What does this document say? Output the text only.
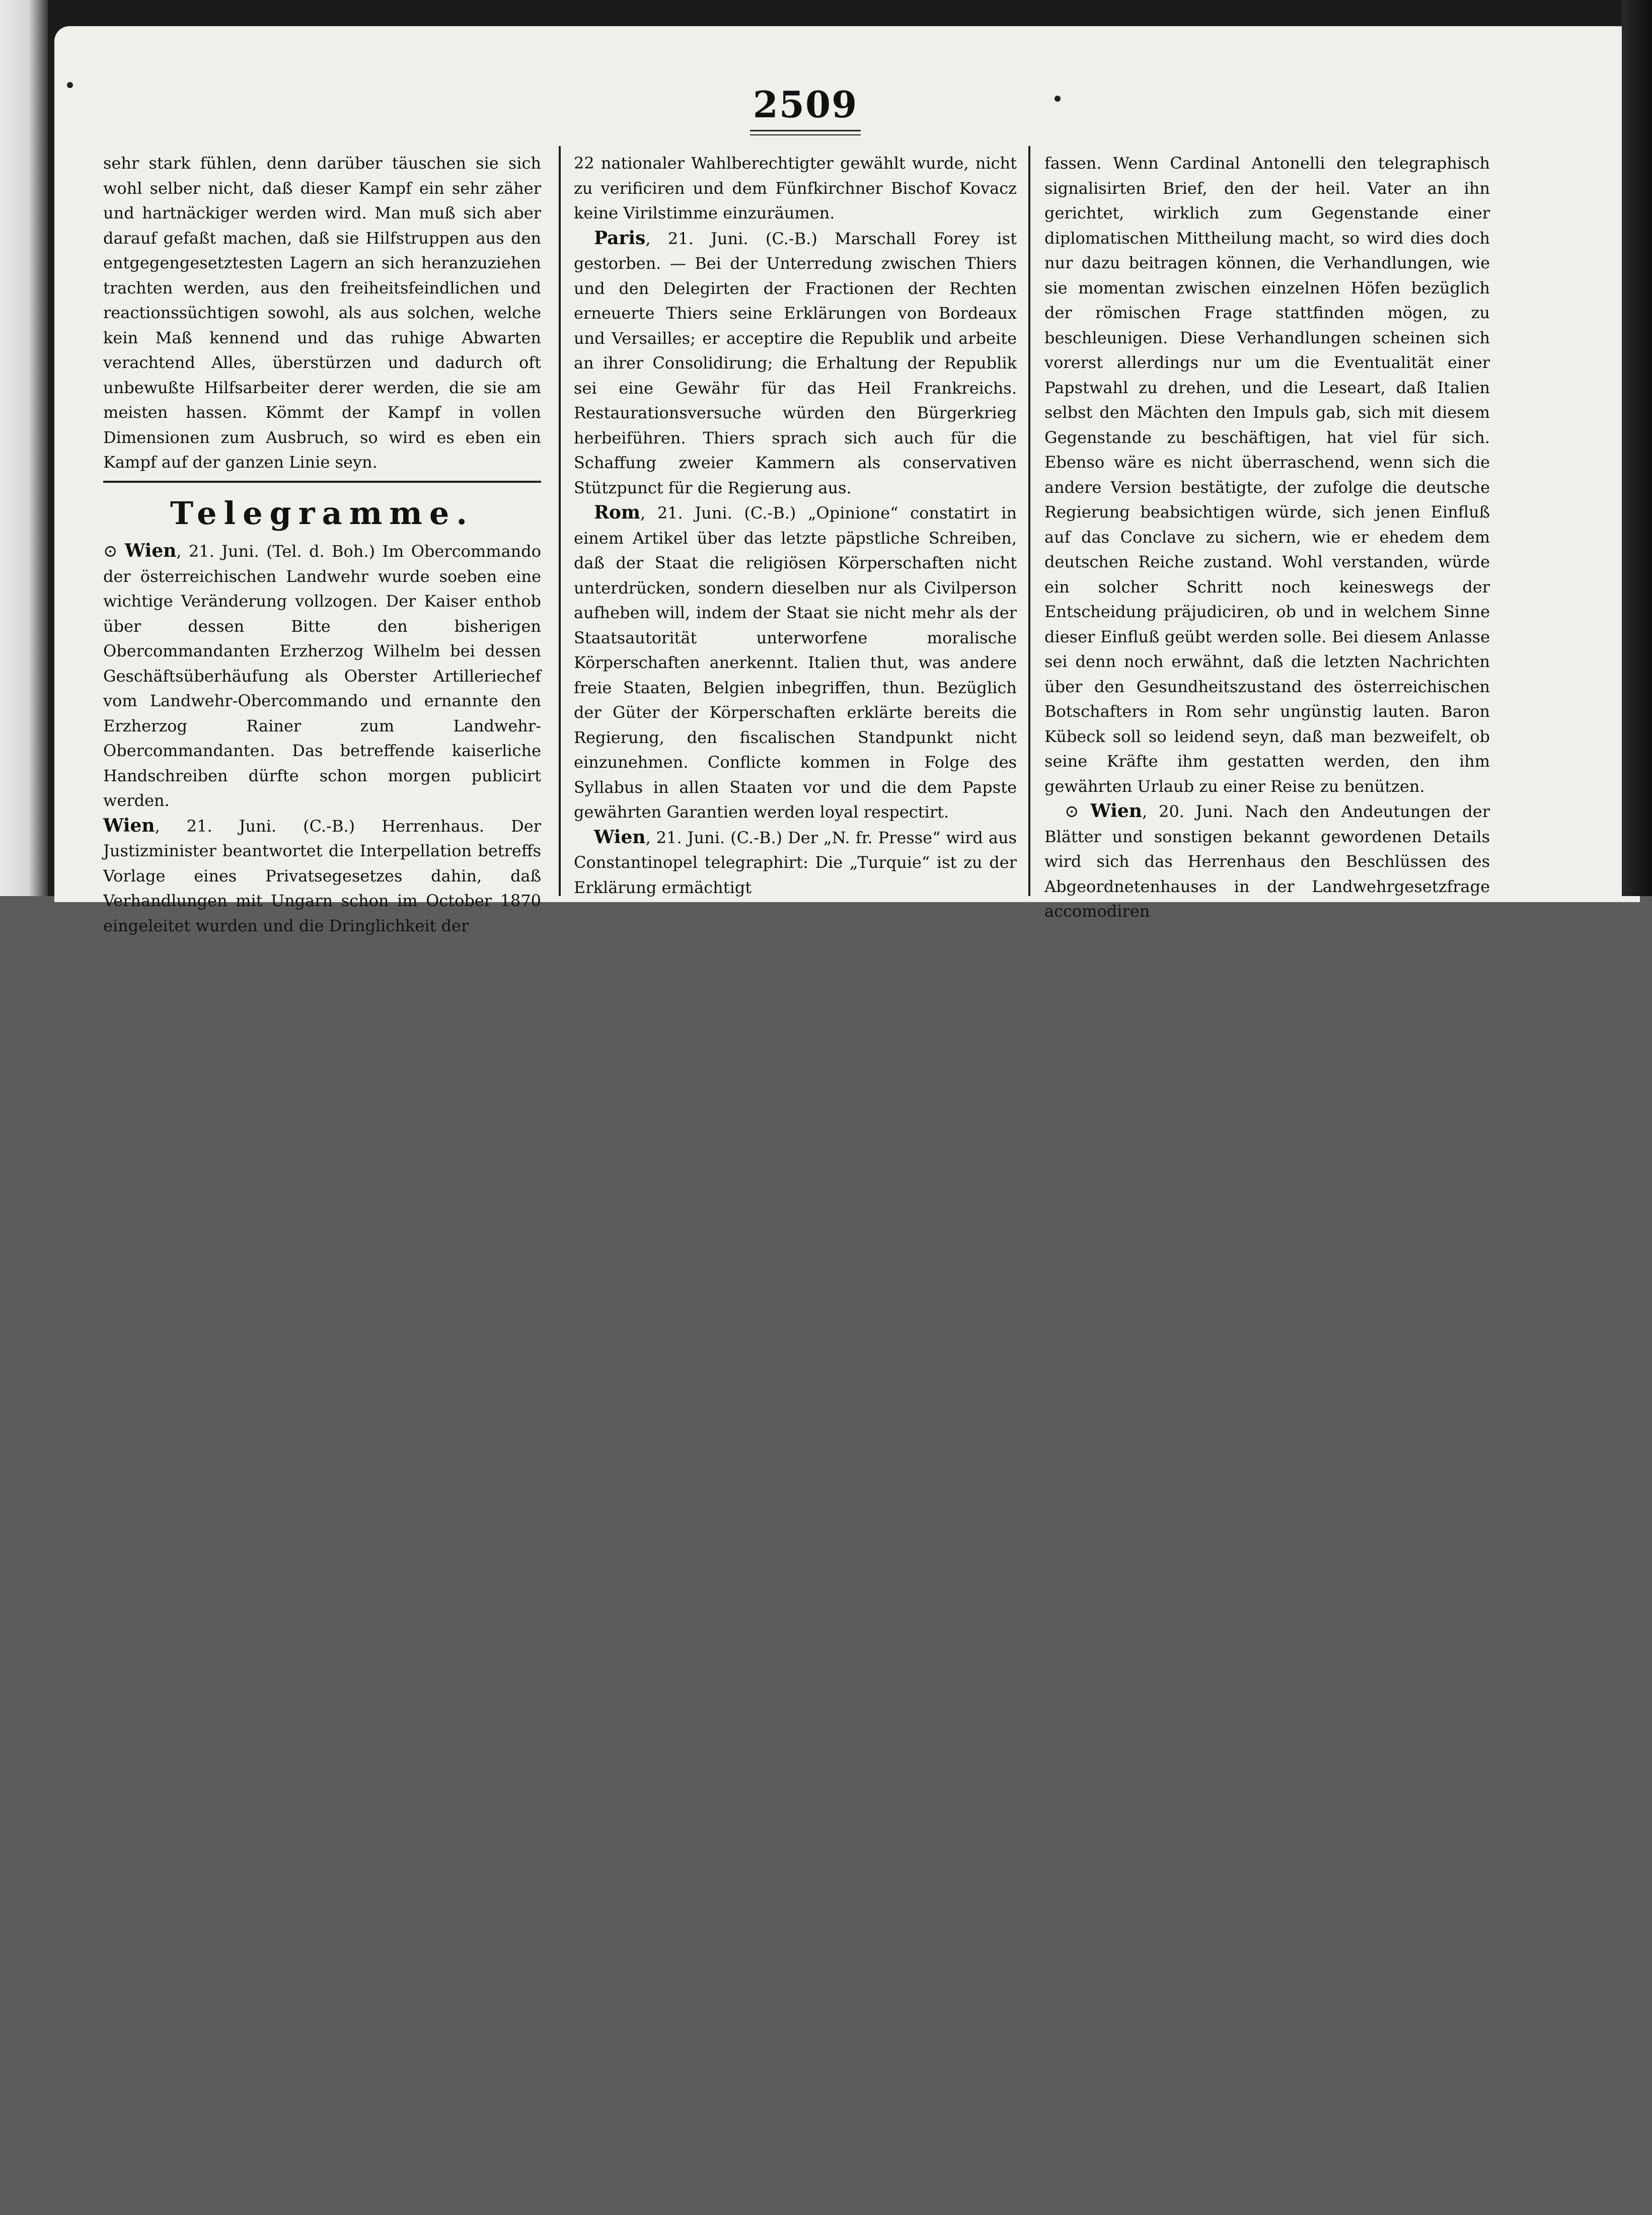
2509

sehr stark fühlen, denn darüber täuschen sie sich wohl selber nicht, daß dieser Kampf ein sehr zäher und hartnäckiger werden wird. Man muß sich aber darauf gefaßt machen, daß sie Hilfstruppen aus den entgegengesetztesten Lagern an sich heranzuziehen trachten werden, aus den freiheitsfeindlichen und reactionssüchtigen sowohl, als aus solchen, welche kein Maß kennend und das ruhige Abwarten verachtend Alles, überstürzen und dadurch oft unbewußte Hilfsarbeiter derer werden, die sie am meisten hassen. Kömmt der Kampf in vollen Dimensionen zum Ausbruch, so wird es eben ein Kampf auf der ganzen Linie seyn.

Telegramme.

⊙ Wien, 21. Juni. (Tel. d. Boh.) Im Obercommando der österreichischen Landwehr wurde soeben eine wichtige Veränderung vollzogen. Der Kaiser enthob über dessen Bitte den bisherigen Obercommandanten Erzherzog Wilhelm bei dessen Geschäftsüberhäufung als Oberster Artilleriechef vom Landwehr-Obercommando und ernannte den Erzherzog Rainer zum Landwehr-Obercommandanten. Das betreffende kaiserliche Handschreiben dürfte schon morgen publicirt werden.

Wien, 21. Juni. (C.-B.) Herrenhaus. Der Justizminister beantwortet die Interpellation betreffs Vorlage eines Privatsegesetzes dahin, daß Verhandlungen mit Ungarn schon im October 1870 eingeleitet wurden und die Dringlichkeit der

22 nationaler Wahlberechtigter gewählt wurde, nicht zu verificiren und dem Fünfkirchner Bischof Kovacz keine Virilstimme einzuräumen.

Paris, 21. Juni. (C.-B.) Marschall Forey ist gestorben. — Bei der Unterredung zwischen Thiers und den Delegirten der Fractionen der Rechten erneuerte Thiers seine Erklärungen von Bordeaux und Versailles; er acceptire die Republik und arbeite an ihrer Consolidirung; die Erhaltung der Republik sei eine Gewähr für das Heil Frankreichs. Restaurationsversuche würden den Bürgerkrieg herbeiführen. Thiers sprach sich auch für die Schaffung zweier Kammern als conservativen Stützpunct für die Regierung aus.

Rom, 21. Juni. (C.-B.) „Opinione“ constatirt in einem Artikel über das letzte päpstliche Schreiben, daß der Staat die religiösen Körperschaften nicht unterdrücken, sondern dieselben nur als Civilperson aufheben will, indem der Staat sie nicht mehr als der Staatsautorität unterworfene moralische Körperschaften anerkennt. Italien thut, was andere freie Staaten, Belgien inbegriffen, thun. Bezüglich der Güter der Körperschaften erklärte bereits die Regierung, den fiscalischen Standpunkt nicht einzunehmen. Conflicte kommen in Folge des Syllabus in allen Staaten vor und die dem Papste gewährten Garantien werden loyal respectirt.

Wien, 21. Juni. (C.-B.) Der „N. fr. Presse“ wird aus Constantinopel telegraphirt: Die „Turquie“ ist zu der Erklärung ermächtigt

fassen. Wenn Cardinal Antonelli den telegraphisch signalisirten Brief, den der heil. Vater an ihn gerichtet, wirklich zum Gegenstande einer diplomatischen Mittheilung macht, so wird dies doch nur dazu beitragen können, die Verhandlungen, wie sie momentan zwischen einzelnen Höfen bezüglich der römischen Frage stattfinden mögen, zu beschleunigen. Diese Verhandlungen scheinen sich vorerst allerdings nur um die Eventualität einer Papstwahl zu drehen, und die Leseart, daß Italien selbst den Mächten den Impuls gab, sich mit diesem Gegenstande zu beschäftigen, hat viel für sich. Ebenso wäre es nicht überraschend, wenn sich die andere Version bestätigte, der zufolge die deutsche Regierung beabsichtigen würde, sich jenen Einfluß auf das Conclave zu sichern, wie er ehedem dem deutschen Reiche zustand. Wohl verstanden, würde ein solcher Schritt noch keineswegs der Entscheidung präjudiciren, ob und in welchem Sinne dieser Einfluß geübt werden solle. Bei diesem Anlasse sei denn noch erwähnt, daß die letzten Nachrichten über den Gesundheitszustand des österreichischen Botschafters in Rom sehr ungünstig lauten. Baron Kübeck soll so leidend seyn, daß man bezweifelt, ob seine Kräfte ihm gestatten werden, den ihm gewährten Urlaub zu einer Reise zu benützen.

⊙ Wien, 20. Juni. Nach den Andeutungen der Blätter und sonstigen bekannt gewordenen Details wird sich das Herrenhaus den Beschlüssen des Abgeordnetenhauses in der Landwehrgesetzfrage accomodiren
